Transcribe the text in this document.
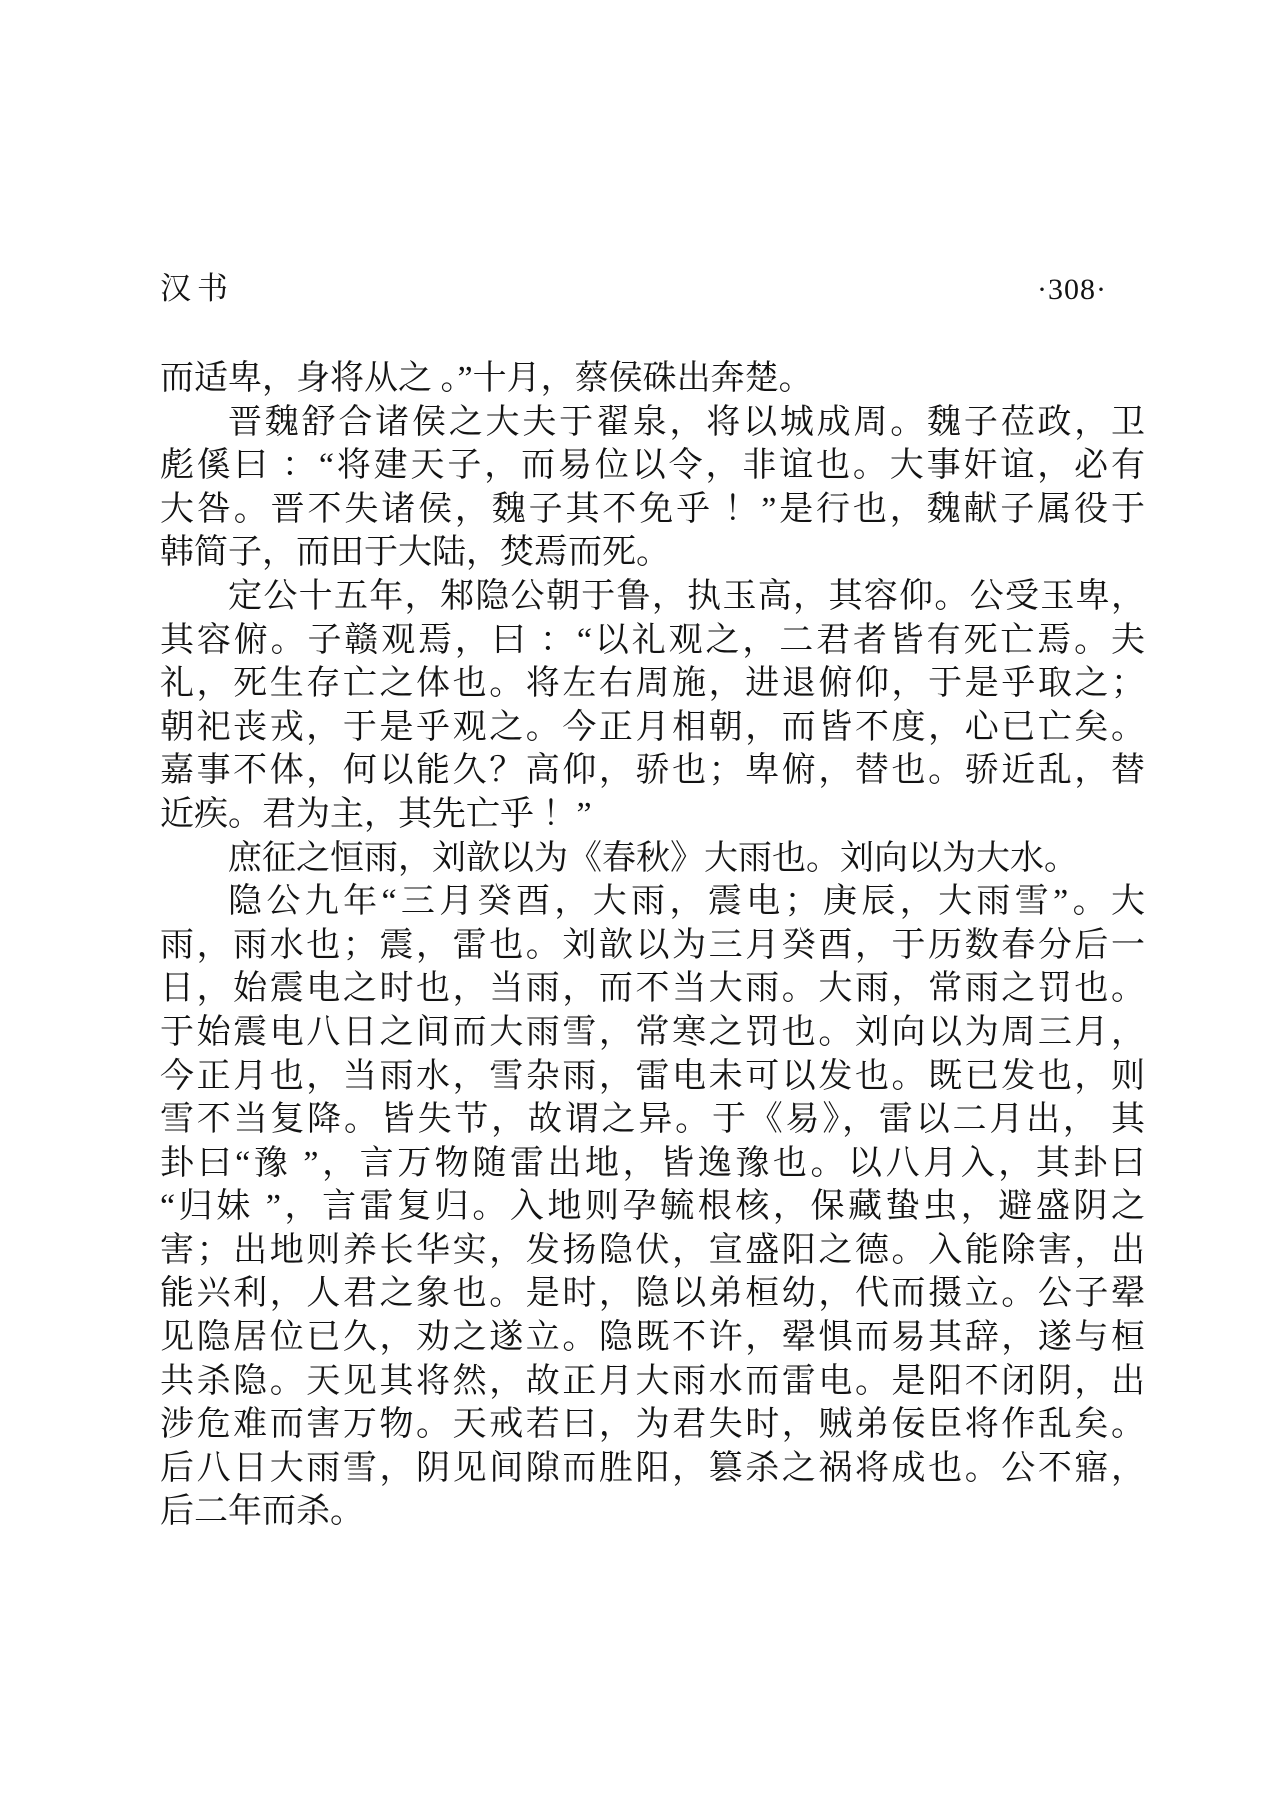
汉书	·308·
而适卑，身将从之 。”十月，蔡侯硃出奔楚。
晋魏舒合诸侯之大夫于翟泉，将以城成周。魏子莅政，卫
彪傒曰 ：“将建天子，而易位以令，非谊也。大事奸谊，必有
大咎。晋不失诸侯，魏子其不免乎 ！”是行也，魏献子属役于
韩简子，而田于大陆，焚焉而死。
定公十五年，邾隐公朝于鲁，执玉高，其容仰。公受玉卑，
其容俯。子赣观焉，曰 ：“以礼观之，二君者皆有死亡焉。夫
礼，死生存亡之体也。将左右周施，进退俯仰，于是乎取之；
朝祀丧戎，于是乎观之。今正月相朝，而皆不度，心已亡矣。
嘉事不体，何以能久？高仰，骄也；卑俯，替也。骄近乱，替
近疾。君为主，其先亡乎 ！”
庶征之恒雨，刘歆以为《春秋》大雨也。刘向以为大水。
隐公九年“三月癸酉，大雨，震电；庚辰，大雨雪”。大
雨，雨水也；震，雷也。刘歆以为三月癸酉，于历数春分后一
日，始震电之时也，当雨，而不当大雨。大雨，常雨之罚也。
于始震电八日之间而大雨雪，常寒之罚也。刘向以为周三月，
今正月也，当雨水，雪杂雨，雷电未可以发也。既已发也，则
雪不当复降。皆失节，故谓之异。于《易》，雷以二月出， 其
卦曰“豫 ”，言万物随雷出地，皆逸豫也。以八月入，其卦曰
“归妹 ”，言雷复归。入地则孕毓根核，保藏蛰虫，避盛阴之
害；出地则养长华实，发扬隐伏，宣盛阳之德。入能除害，出
能兴利，人君之象也。是时，隐以弟桓幼，代而摄立。公子翚
见隐居位已久，劝之遂立。隐既不许，翚惧而易其辞，遂与桓
共杀隐。天见其将然，故正月大雨水而雷电。是阳不闭阴，出
涉危难而害万物。天戒若曰，为君失时，贼弟佞臣将作乱矣。
后八日大雨雪，阴见间隙而胜阳，篡杀之祸将成也。公不寤，
后二年而杀。
